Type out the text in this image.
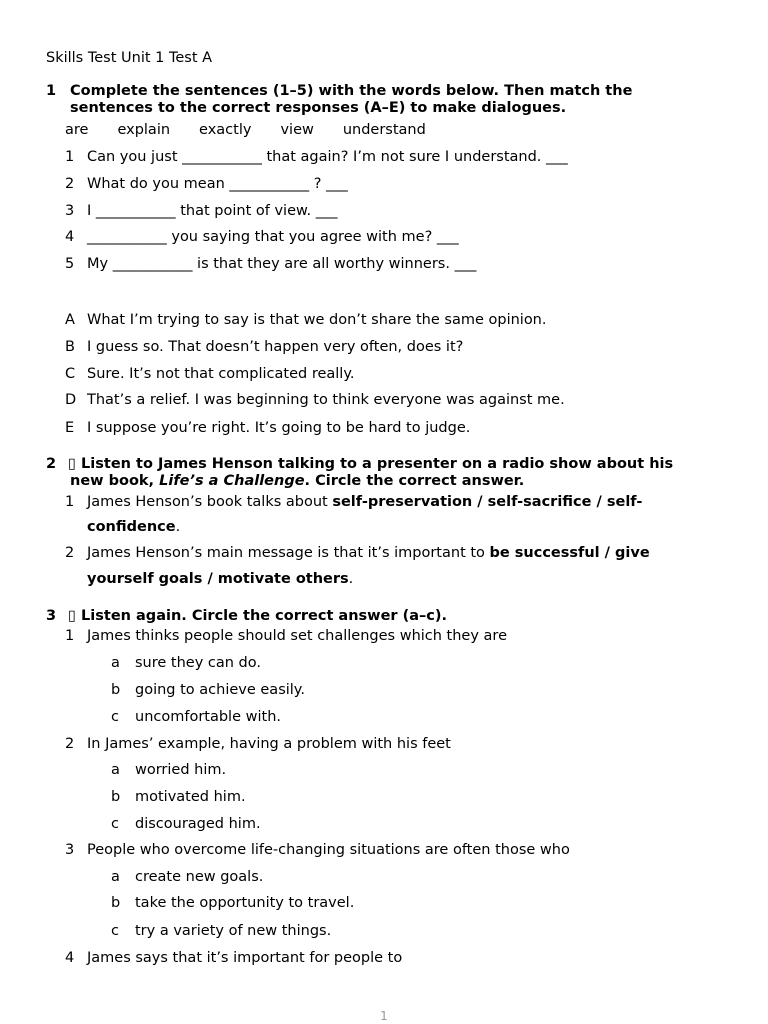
Skills Test Unit 1 Test A
1 Complete the sentences (1–5) with the words below. Then match the
sentences to the correct responses (A–E) to make dialogues.
are explain exactly view understand
1 Can you just ___________ that again? I’m not sure I understand. ___
2 What do you mean ___________ ? ___
3 I ___________ that point of view. ___
4 ___________ you saying that you agree with me? ___
5 My ___________ is that they are all worthy winners. ___
A What I’m trying to say is that we don’t share the same opinion.
B I guess so. That doesn’t happen very often, does it?
C Sure. It’s not that complicated really.
D That’s a relief. I was beginning to think everyone was against me.
E I suppose you’re right. It’s going to be hard to judge.
2 ▯ Listen to James Henson talking to a presenter on a radio show about his
new book, Life’s a Challenge. Circle the correct answer.
1 James Henson’s book talks about self-preservation / self-sacrifice / self-
confidence.
2 James Henson’s main message is that it’s important to be successful / give
yourself goals / motivate others.
3 ▯ Listen again. Circle the correct answer (a–c).
1 James thinks people should set challenges which they are
a sure they can do.
b going to achieve easily.
c uncomfortable with.
2 In James’ example, having a problem with his feet
a worried him.
b motivated him.
c discouraged him.
3 People who overcome life-changing situations are often those who
a create new goals.
b take the opportunity to travel.
c try a variety of new things.
4 James says that it’s important for people to
1
